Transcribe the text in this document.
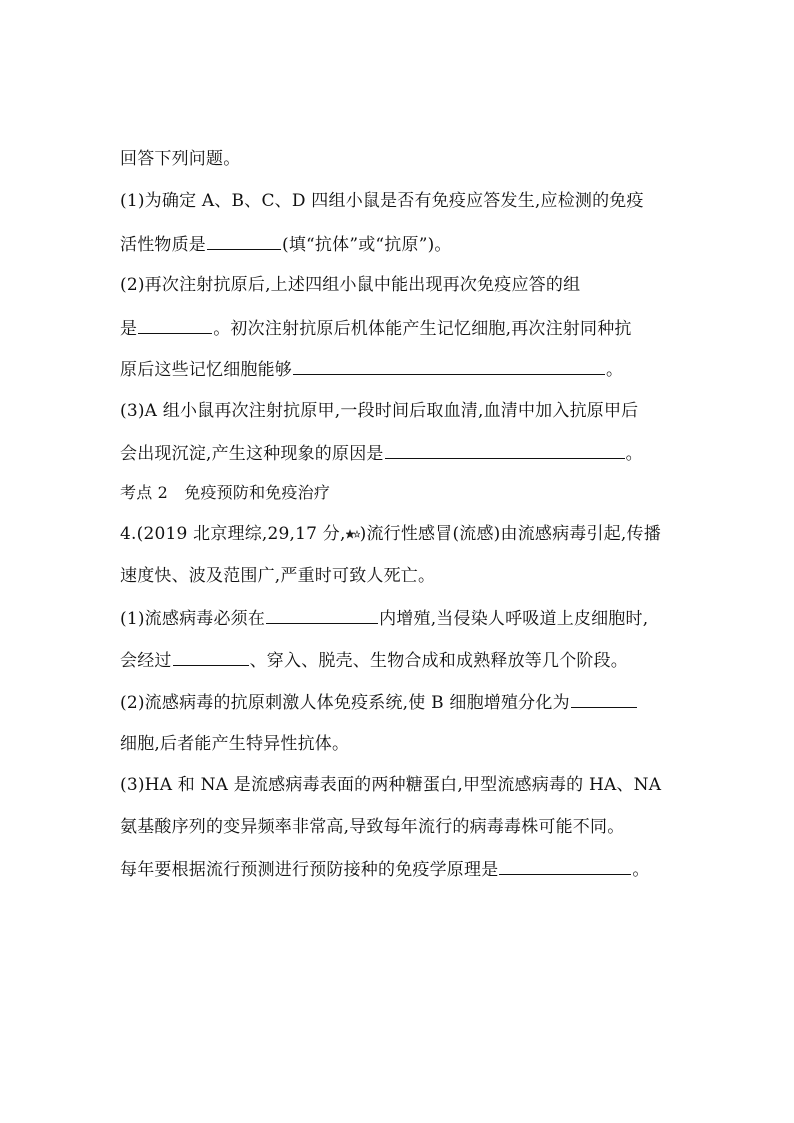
回答下列问题。
(1)为确定 A、B、C、D 四组小鼠是否有免疫应答发生,应检测的免疫
活性物质是	(填“抗体”或“抗原”)。
(2)再次注射抗原后,上述四组小鼠中能出现再次免疫应答的组
是	。初次注射抗原后机体能产生记忆细胞,再次注射同种抗
原后这些记忆细胞能够	。
(3)A 组小鼠再次注射抗原甲,一段时间后取血清,血清中加入抗原甲后
会出现沉淀,产生这种现象的原因是	。
考点 2　免疫预防和免疫治疗
4.(2019 北京理综,29,17 分, )流行性感冒(流感)由流感病毒引起,传播
速度快、波及范围广,严重时可致人死亡。
(1)流感病毒必须在	内增殖,当侵染人呼吸道上皮细胞时,
会经过	、穿入、脱壳、生物合成和成熟释放等几个阶段。
(2)流感病毒的抗原刺激人体免疫系统,使 B 细胞增殖分化为
细胞,后者能产生特异性抗体。
(3)HA 和 NA 是流感病毒表面的两种糖蛋白,甲型流感病毒的 HA、NA
氨基酸序列的变异频率非常高,导致每年流行的病毒毒株可能不同。
每年要根据流行预测进行预防接种的免疫学原理是	。
